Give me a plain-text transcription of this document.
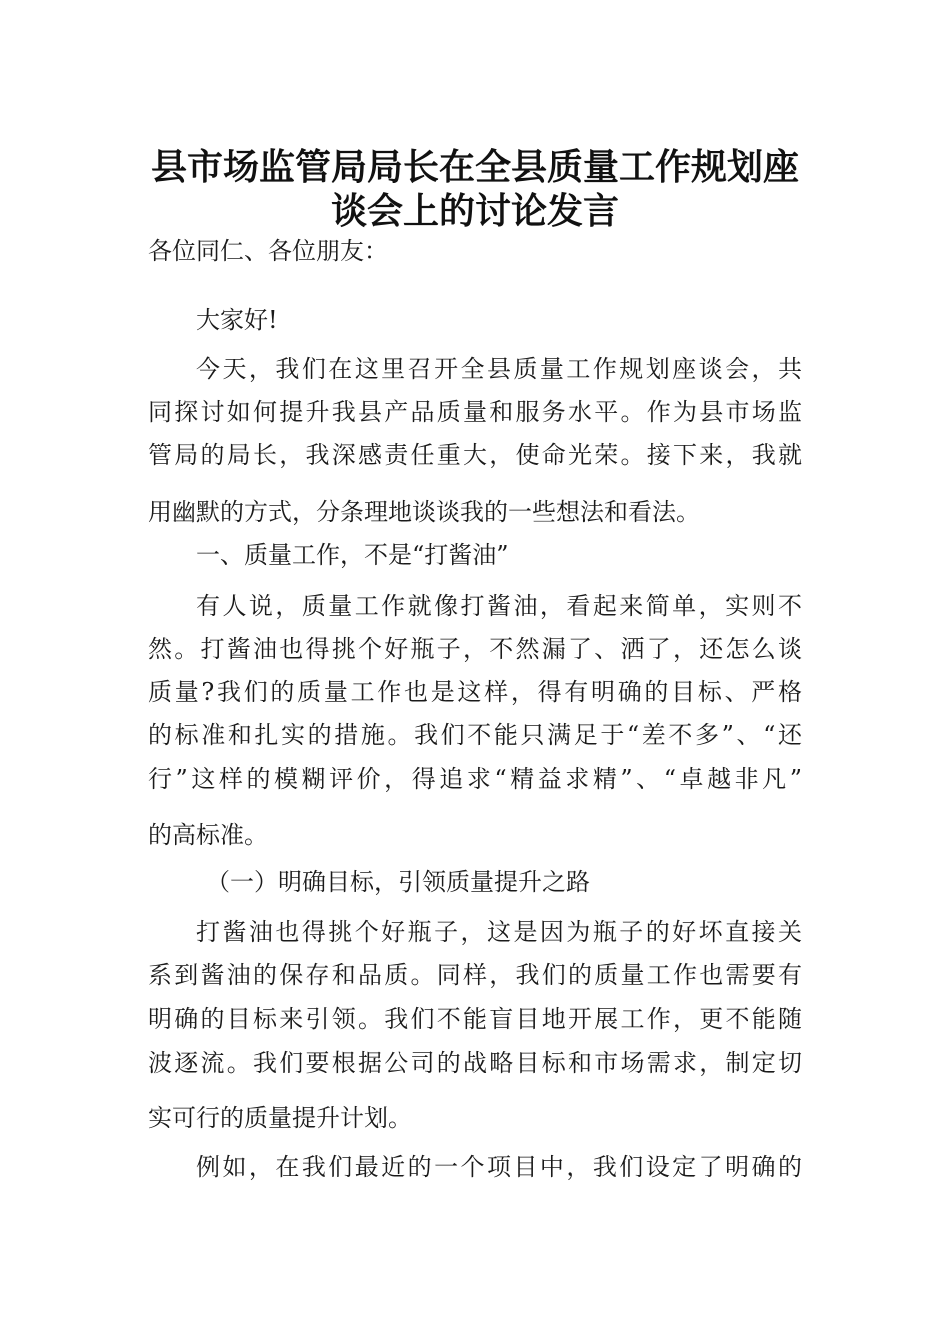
县市场监管局局长在全县质量工作规划座
谈会上的讨论发言

各位同仁、各位朋友：

大家好!

今天，我们在这里召开全县质量工作规划座谈会，共

同探讨如何提升我县产品质量和服务水平。作为县市场监

管局的局长，我深感责任重大，使命光荣。接下来，我就

用幽默的方式，分条理地谈谈我的一些想法和看法。

一、质量工作，不是“打酱油”

有人说，质量工作就像打酱油，看起来简单，实则不

然。打酱油也得挑个好瓶子，不然漏了、洒了，还怎么谈

质量?我们的质量工作也是这样，得有明确的目标、严格

的标准和扎实的措施。我们不能只满足于“差不多”、“还

行”这样的模糊评价，得追求“精益求精”、“卓越非凡”

的高标准。

（一）明确目标，引领质量提升之路

打酱油也得挑个好瓶子，这是因为瓶子的好坏直接关

系到酱油的保存和品质。同样，我们的质量工作也需要有

明确的目标来引领。我们不能盲目地开展工作，更不能随

波逐流。我们要根据公司的战略目标和市场需求，制定切

实可行的质量提升计划。

例如，在我们最近的一个项目中，我们设定了明确的
